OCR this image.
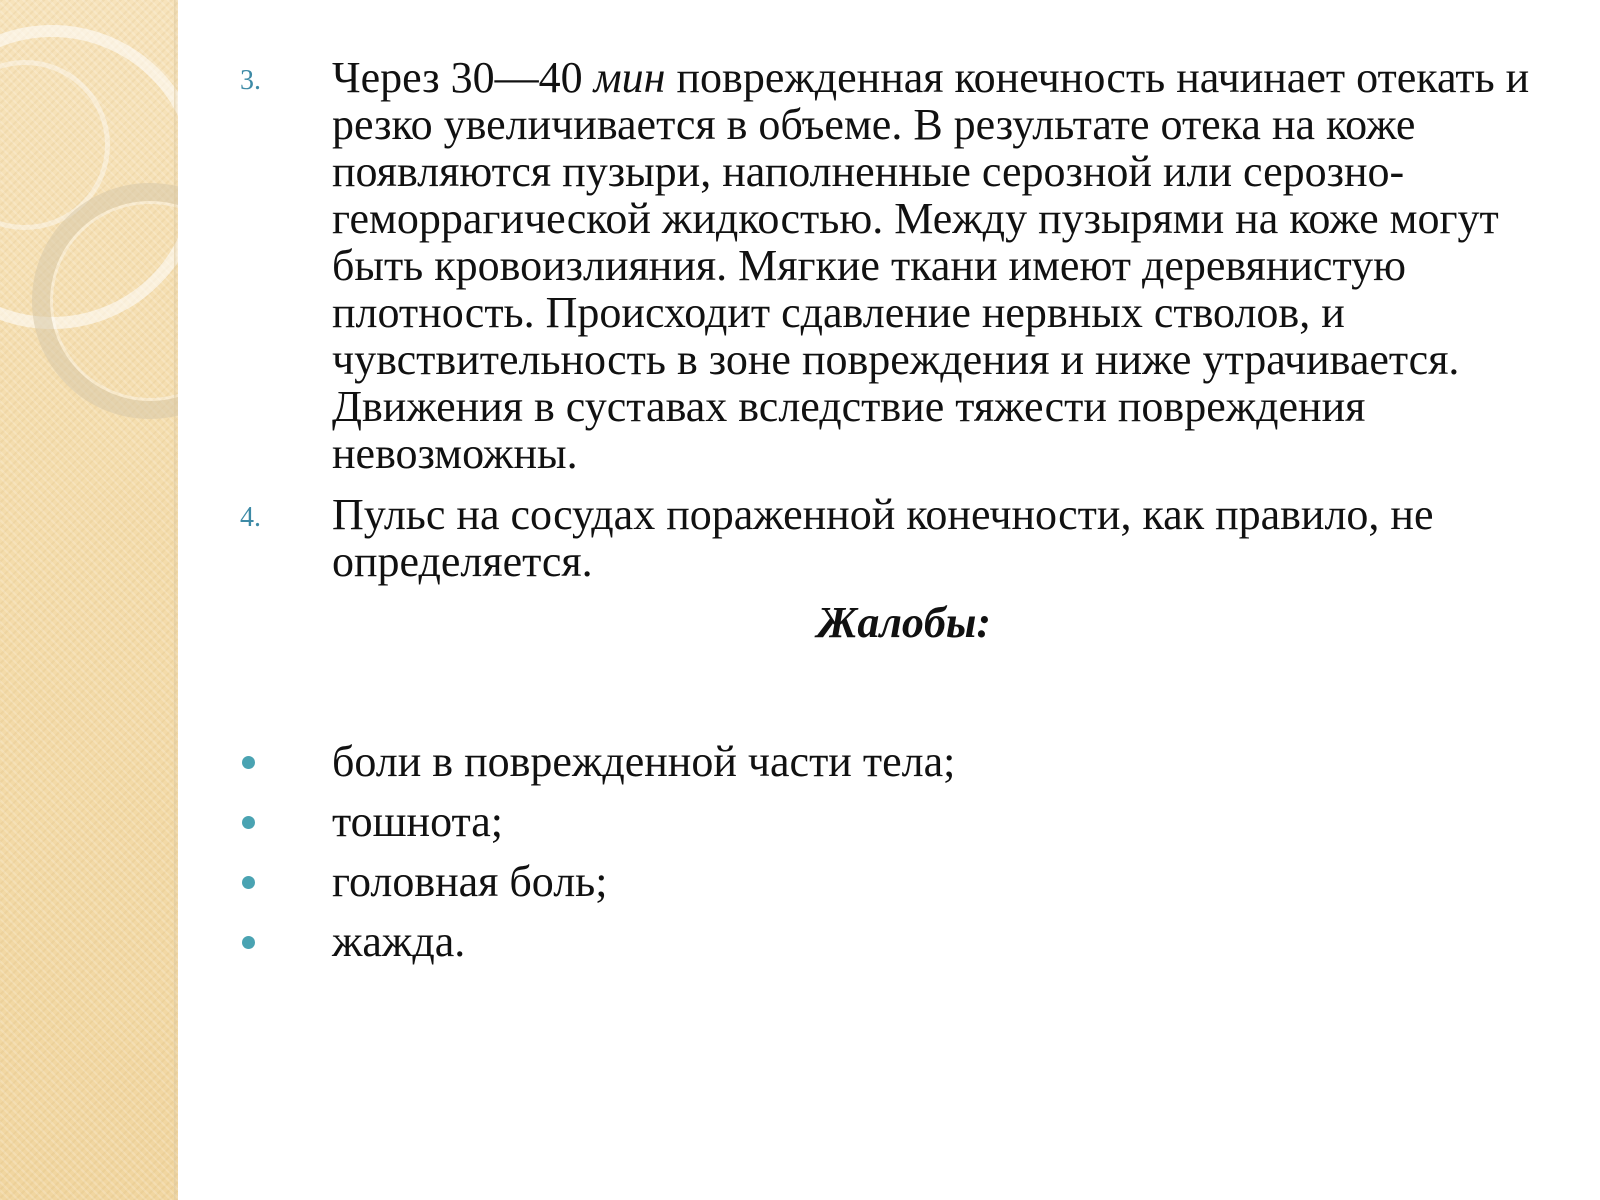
3. Через 30—40 мин поврежденная конечность начинает отекать и резко увеличивается в объеме. В результате отека на коже появляются пузыри, наполненные серозной или серозно-геморрагической жидкостью. Между пузырями на коже могут быть кровоизлияния. Мягкие ткани имеют деревянистую плотность. Происходит сдавление нервных стволов, и чувствительность в зоне повреждения и ниже утрачивается. Движения в суставах вследствие тяжести повреждения невозможны.
4. Пульс на сосудах пораженной конечности, как правило, не определяется.
Жалобы:
боли в поврежденной части тела;
тошнота;
головная боль;
жажда.
